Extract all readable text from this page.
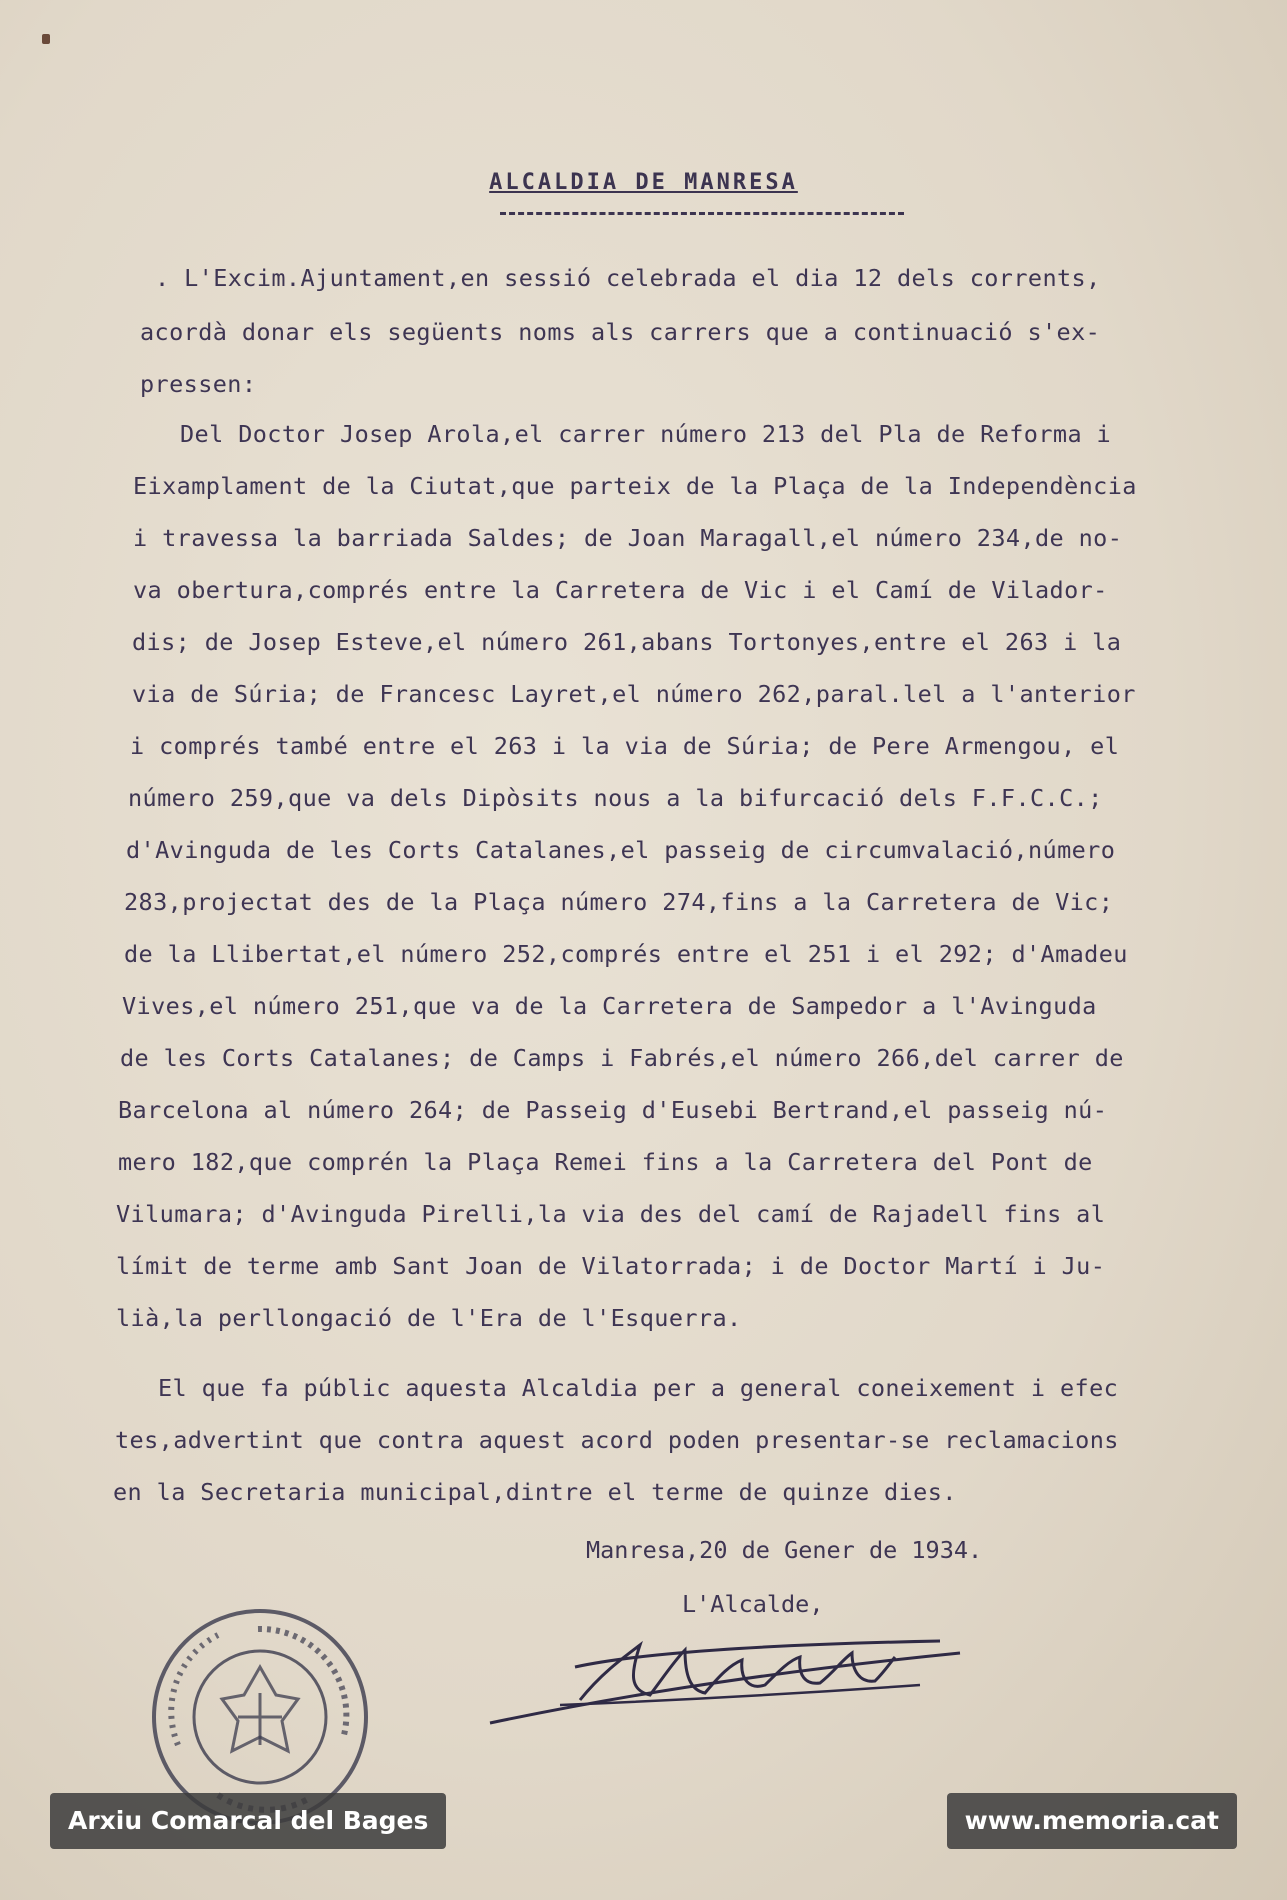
ALCALDIA DE MANRESA
. L'Excim.Ajuntament,en sessió celebrada el dia 12 dels corrents,
acordà donar els següents noms als carrers que a continuació s'ex-
pressen:
Del Doctor Josep Arola,el carrer número 213 del Pla de Reforma i
Eixamplament de la Ciutat,que parteix de la Plaça de la Independència
i travessa la barriada Saldes; de Joan Maragall,el número 234,de no-
va obertura,comprés entre la Carretera de Vic i el Camí de Vilador-
dis; de Josep Esteve,el número 261,abans Tortonyes,entre el 263 i la
via de Súria; de Francesc Layret,el número 262,paral.lel a l'anterior
i comprés també entre el 263 i la via de Súria; de Pere Armengou, el
número 259,que va dels Dipòsits nous a la bifurcació dels F.F.C.C.;
d'Avinguda de les Corts Catalanes,el passeig de circumvalació,número
283,projectat des de la Plaça número 274,fins a la Carretera de Vic;
de la Llibertat,el número 252,comprés entre el 251 i el 292; d'Amadeu
Vives,el número 251,que va de la Carretera de Sampedor a l'Avinguda
de les Corts Catalanes; de Camps i Fabrés,el número 266,del carrer de
Barcelona al número 264; de Passeig d'Eusebi Bertrand,el passeig nú-
mero 182,que comprén la Plaça Remei fins a la Carretera del Pont de
Vilumara; d'Avinguda Pirelli,la via des del camí de Rajadell fins al
límit de terme amb Sant Joan de Vilatorrada; i de Doctor Martí i Ju-
lià,la perllongació de l'Era de l'Esquerra.
El que fa públic aquesta Alcaldia per a general coneixement i efec
tes,advertint que contra aquest acord poden presentar-se reclamacions
en la Secretaria municipal,dintre el terme de quinze dies.
Manresa,20 de Gener de 1934.
L'Alcalde,
Arxiu Comarcal del Bages	www.memoria.cat
